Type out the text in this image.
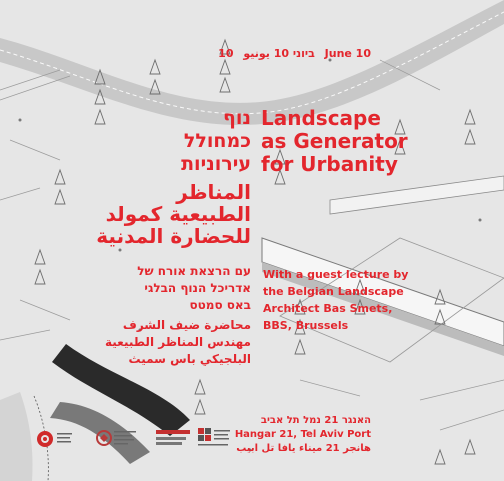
10 ביוני 10 يونيو	June 10
נוף
כמחולל
עירוניות
Landscape
as Generator
for Urbanity
المناظر
الطبيعية كمولد
للحضارة المدنية
עם הרצאת אורח של
אדריכל הנוף הבלגי
באס סמטס
محاضرة ضيف الشرف
مهندس المناظر الطبيعية
البلجيكي باس سميث
With a guest lecture by
the Belgian Landscape
Architect Bas Smets,
BBS, Brussels
האנגר 21 נמל תל אביב
Hangar 21, Tel Aviv Port
هانجر 21 ميناء يافا تل ابيب
